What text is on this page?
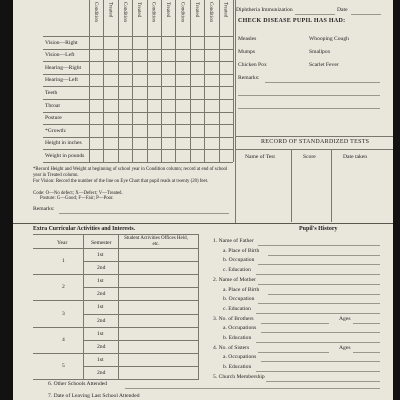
Condition Treated Condition Treated Condition Treated Condition Treated Condition Treated
Vision—Right
Vision—Left
Hearing—Right
Hearing—Left
Teeth
Throat
Posture
*Growth:
Height in inches
Weight in pounds
Diphtheria Immunization	Date
CHECK DISEASE PUPIL HAS HAD:
Measles	Whooping Cough
Mumps	Smallpox
Chicken Pox	Scarlet Fever
Remarks:
RECORD OF STANDARDIZED TESTS
Name of Test	Score	Date taken
*Record Height and Weight at beginning of school year in Condition column; record at end of school year in Treated column.
For Vision: Record the number of the line on Eye Chart that pupil reads at twenty (20) feet.
Code: O—No defect; X—Defect; V—Treated.
Posture: G—Good; F—Fair; P—Poor.
Remarks:
Extra Curricular Activities and Interests.
Year	Semester
Student Activities Offices Held, etc.
1
1st
2nd
2
1st
2nd
3
1st
2nd
4
1st
2nd
5
1st
2nd
Pupil's History
1. Name of Father
a. Place of Birth
b. Occupation
c. Education
2. Name of Mother
a. Place of Birth
b. Occupation
c. Education
3. No. of Brothers	Ages
a. Occupations
b. Education
4. No. of Sisters	Ages
a. Occupations
b. Education
5. Church Membership
6. Other Schools Attended
7. Date of Leaving Last School Attended
